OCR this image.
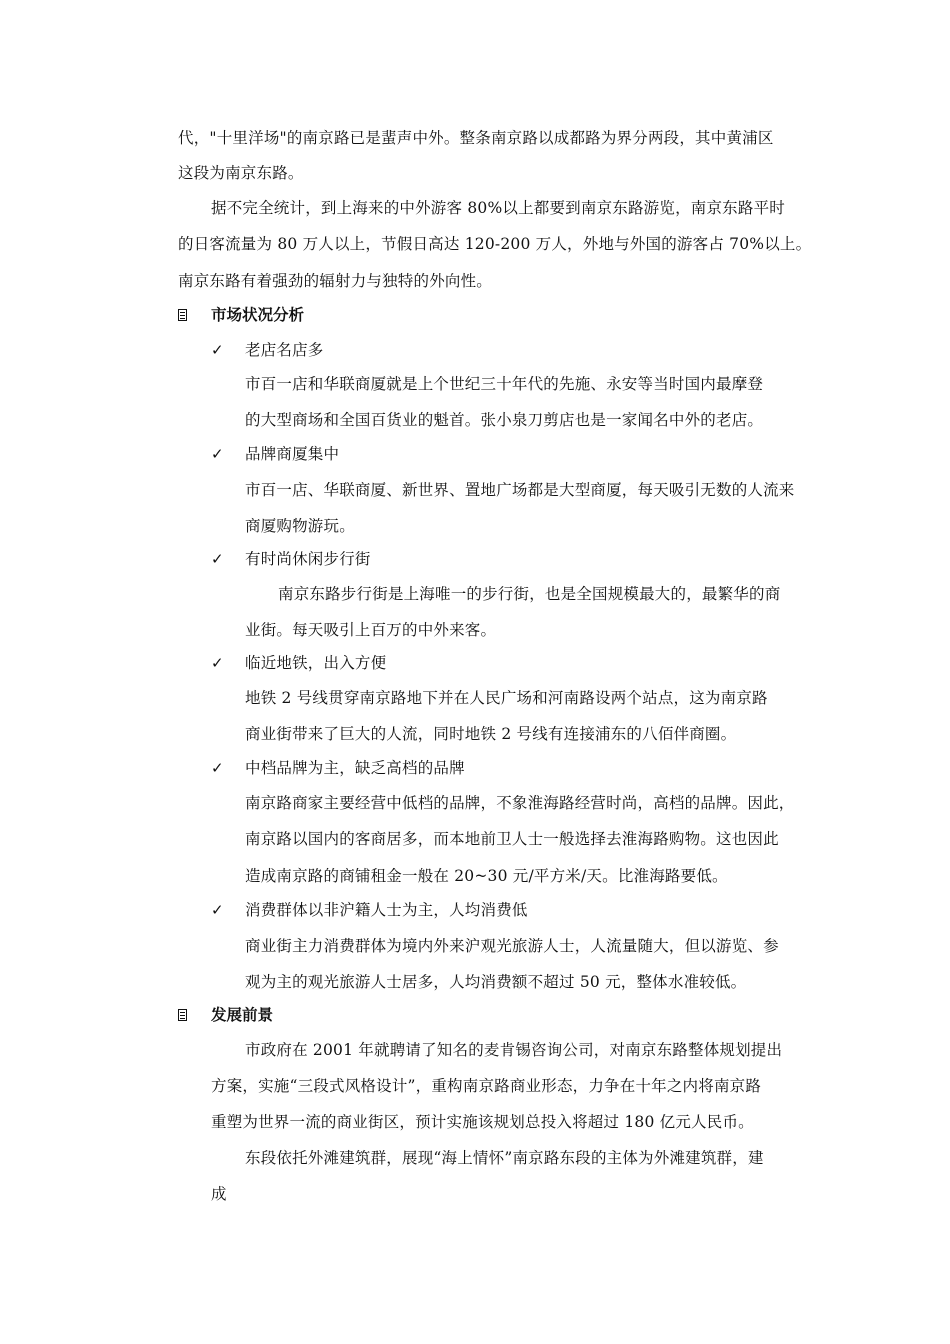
代，"十里洋场"的南京路已是蜚声中外。整条南京路以成都路为界分两段，其中黄浦区
这段为南京东路。
据不完全统计，到上海来的中外游客 80%以上都要到南京东路游览，南京东路平时
的日客流量为 80 万人以上，节假日高达 120-200 万人，外地与外国的游客占 70%以上。
南京东路有着强劲的辐射力与独特的外向性。
市场状况分析
✓ 老店名店多
市百一店和华联商厦就是上个世纪三十年代的先施、永安等当时国内最摩登
的大型商场和全国百货业的魁首。张小泉刀剪店也是一家闻名中外的老店。
✓ 品牌商厦集中
市百一店、华联商厦、新世界、置地广场都是大型商厦，每天吸引无数的人流来
商厦购物游玩。
✓ 有时尚休闲步行街
南京东路步行街是上海唯一的步行街，也是全国规模最大的，最繁华的商
业街。每天吸引上百万的中外来客。
✓ 临近地铁，出入方便
地铁 2 号线贯穿南京路地下并在人民广场和河南路设两个站点，这为南京路
商业街带来了巨大的人流，同时地铁 2 号线有连接浦东的八佰伴商圈。
✓ 中档品牌为主，缺乏高档的品牌
南京路商家主要经营中低档的品牌，不象淮海路经营时尚，高档的品牌。因此，
南京路以国内的客商居多，而本地前卫人士一般选择去淮海路购物。这也因此
造成南京路的商铺租金一般在 20~30 元/平方米/天。比淮海路要低。
✓ 消费群体以非沪籍人士为主，人均消费低
商业街主力消费群体为境内外来沪观光旅游人士，人流量随大，但以游览、参
观为主的观光旅游人士居多，人均消费额不超过 50 元，整体水准较低。
发展前景
市政府在 2001 年就聘请了知名的麦肯锡咨询公司，对南京东路整体规划提出
方案，实施“三段式风格设计”，重构南京路商业形态，力争在十年之内将南京路
重塑为世界一流的商业街区，预计实施该规划总投入将超过 180 亿元人民币。
东段依托外滩建筑群，展现“海上情怀”南京路东段的主体为外滩建筑群，建
成
